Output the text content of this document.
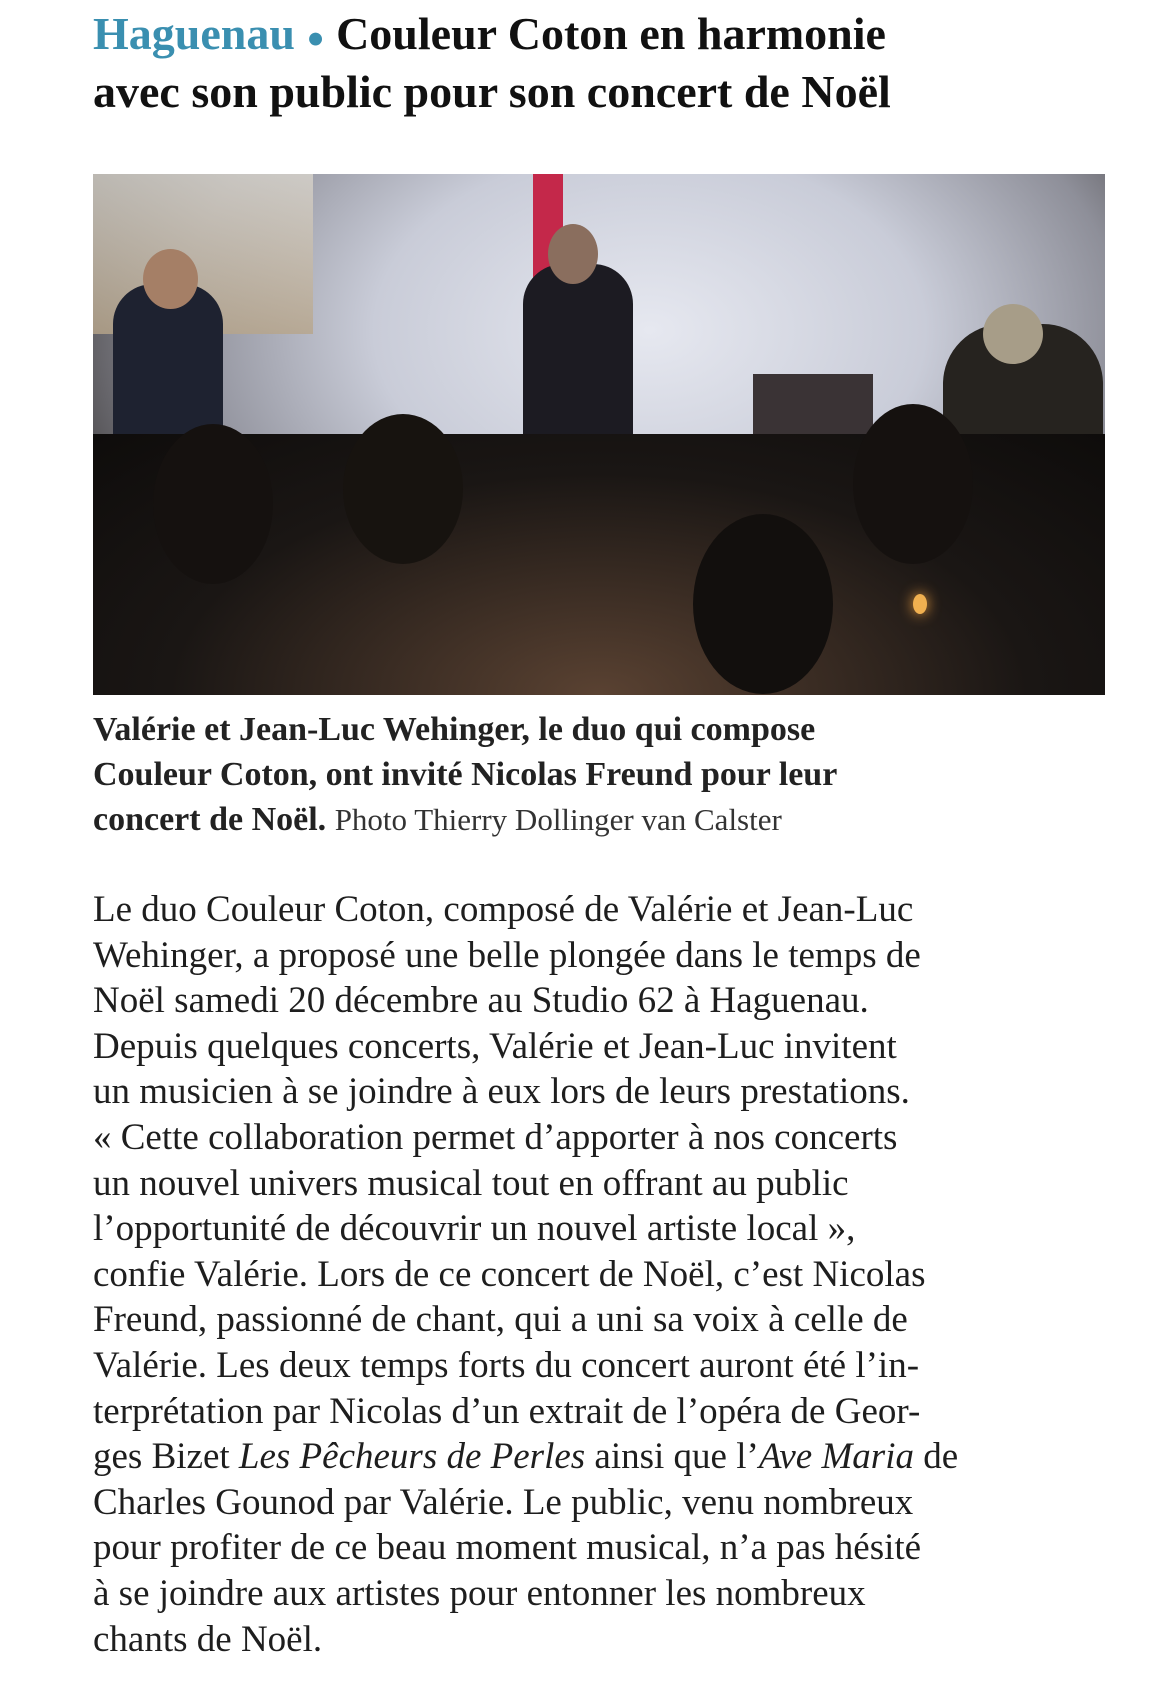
Haguenau ● Couleur Coton en harmonie
avec son public pour son concert de Noël
Valérie et Jean-Luc Wehinger, le duo qui compose
Couleur Coton, ont invité Nicolas Freund pour leur
concert de Noël. Photo Thierry Dollinger van Calster
Le duo Couleur Coton, composé de Valérie et Jean-Luc
Wehinger, a proposé une belle plongée dans le temps de
Noël samedi 20 décembre au Studio 62 à Haguenau.
Depuis quelques concerts, Valérie et Jean-Luc invitent
un musicien à se joindre à eux lors de leurs prestations.
« Cette collaboration permet d’apporter à nos concerts
un nouvel univers musical tout en offrant au public
l’opportunité de découvrir un nouvel artiste local »,
confie Valérie. Lors de ce concert de Noël, c’est Nicolas
Freund, passionné de chant, qui a uni sa voix à celle de
Valérie. Les deux temps forts du concert auront été l’in-
terprétation par Nicolas d’un extrait de l’opéra de Geor-
ges Bizet Les Pêcheurs de Perles ainsi que l’Ave Maria de
Charles Gounod par Valérie. Le public, venu nombreux
pour profiter de ce beau moment musical, n’a pas hésité
à se joindre aux artistes pour entonner les nombreux
chants de Noël.
